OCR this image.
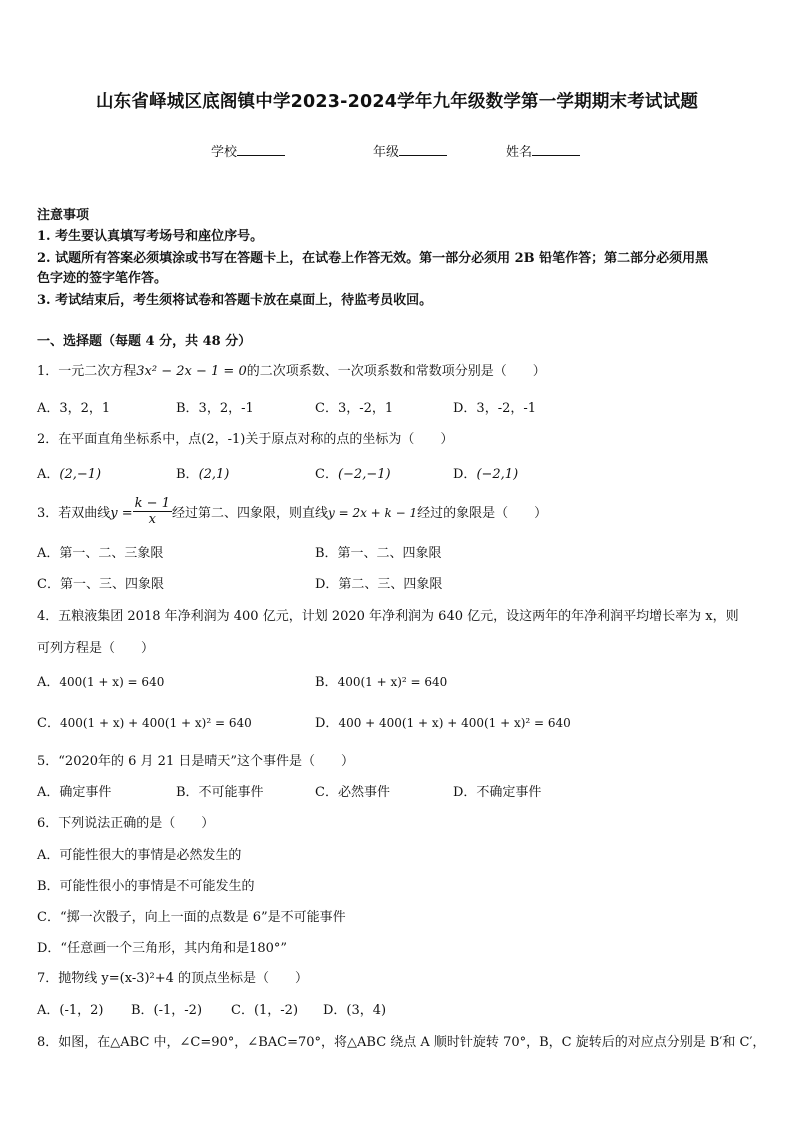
山东省峄城区底阁镇中学2023-2024学年九年级数学第一学期期末考试试题
学校	年级	姓名
注意事项
1. 考生要认真填写考场号和座位序号。
2. 试题所有答案必须填涂或书写在答题卡上，在试卷上作答无效。第一部分必须用 2B 铅笔作答；第二部分必须用黑
色字迹的签字笔作答。
3. 考试结束后，考生须将试卷和答题卡放在桌面上，待监考员收回。
一、选择题（每题 4 分，共 48 分）
1．一元二次方程3x² − 2x − 1 = 0的二次项系数、一次项系数和常数项分别是（　　）
A．3，2，1	B．3，2，-1	C．3，-2，1	D．3，-2，-1
2．在平面直角坐标系中，点(2，-1)关于原点对称的点的坐标为（　　）
A．(2,−1)	B．(2,1)	C．(−2,−1)	D．(−2,1)
3．若双曲线$y = \frac{k - 1}{x}$ 经过第二、四象限，则直线y = 2x + k − 1经过的象限是（　　）
A．第一、二、三象限	B．第一、二、四象限
C．第一、三、四象限	D．第二、三、四象限
4．五粮液集团 2018 年净利润为 400 亿元，计划 2020 年净利润为 640 亿元，设这两年的年净利润平均增长率为 x，则
可列方程是（　　）
A．400(1 + x) = 640	B．400(1 + x)² = 640
C．400(1 + x) + 400(1 + x)² = 640	D．400 + 400(1 + x) + 400(1 + x)² = 640
5．“2020年的 6 月 21 日是晴天”这个事件是（　　）
A．确定事件	B．不可能事件	C．必然事件	D．不确定事件
6．下列说法正确的是（　　）
A．可能性很大的事情是必然发生的
B．可能性很小的事情是不可能发生的
C．“掷一次骰子，向上一面的点数是 6”是不可能事件
D．“任意画一个三角形，其内角和是180°”
7．抛物线 y=(x-3)²+4 的顶点坐标是（　　）
A．(-1，2) B．(-1，-2) C．(1，-2) D．(3，4)
8．如图，在△ABC 中，∠C=90°，∠BAC=70°，将△ABC 绕点 A 顺时针旋转 70°，B，C 旋转后的对应点分别是 B′和 C′，
